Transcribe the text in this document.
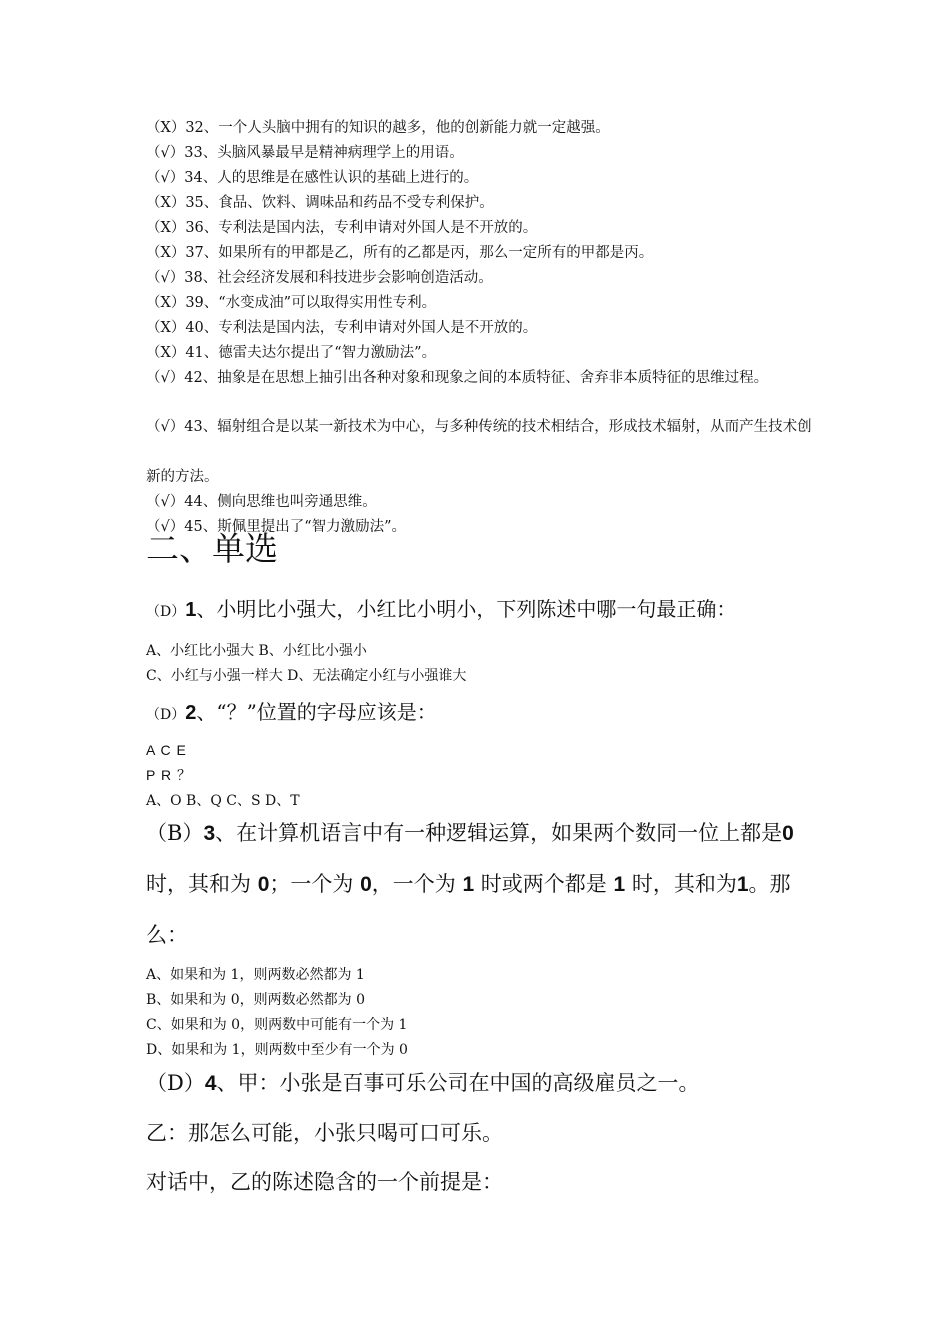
（X）32、一个人头脑中拥有的知识的越多，他的创新能力就一定越强。
（√）33、头脑风暴最早是精神病理学上的用语。
（√）34、人的思维是在感性认识的基础上进行的。
（X）35、食品、饮料、调味品和药品不受专利保护。
（X）36、专利法是国内法，专利申请对外国人是不开放的。
（X）37、如果所有的甲都是乙，所有的乙都是丙，那么一定所有的甲都是丙。
（√）38、社会经济发展和科技进步会影响创造活动。
（X）39、“水变成油”可以取得实用性专利。
（X）40、专利法是国内法，专利申请对外国人是不开放的。
（X）41、德雷夫达尔提出了“智力激励法”。
（√）42、抽象是在思想上抽引出各种对象和现象之间的本质特征、舍弃非本质特征的思维过程。
（√）43、辐射组合是以某一新技术为中心，与多种传统的技术相结合，形成技术辐射，从而产生技术创
新的方法。
（√）44、侧向思维也叫旁通思维。
（√）45、斯佩里提出了“智力激励法”。
二、单选
（D）1、小明比小强大，小红比小明小，下列陈述中哪一句最正确：
A、小红比小强大 B、小红比小强小
C、小红与小强一样大 D、无法确定小红与小强谁大
（D）2、“？”位置的字母应该是：
A C E
P R ？
A、O B、Q C、S D、T
（B）3、在计算机语言中有一种逻辑运算，如果两个数同一位上都是0 时，其和为 0；一个为 0，一个为 1 时或两个都是 1 时，其和为1。那么：
A、如果和为 1，则两数必然都为 1
B、如果和为 0，则两数必然都为 0
C、如果和为 0，则两数中可能有一个为 1
D、如果和为 1，则两数中至少有一个为 0
（D）4、甲：小张是百事可乐公司在中国的高级雇员之一。
乙：那怎么可能，小张只喝可口可乐。
对话中，乙的陈述隐含的一个前提是：
